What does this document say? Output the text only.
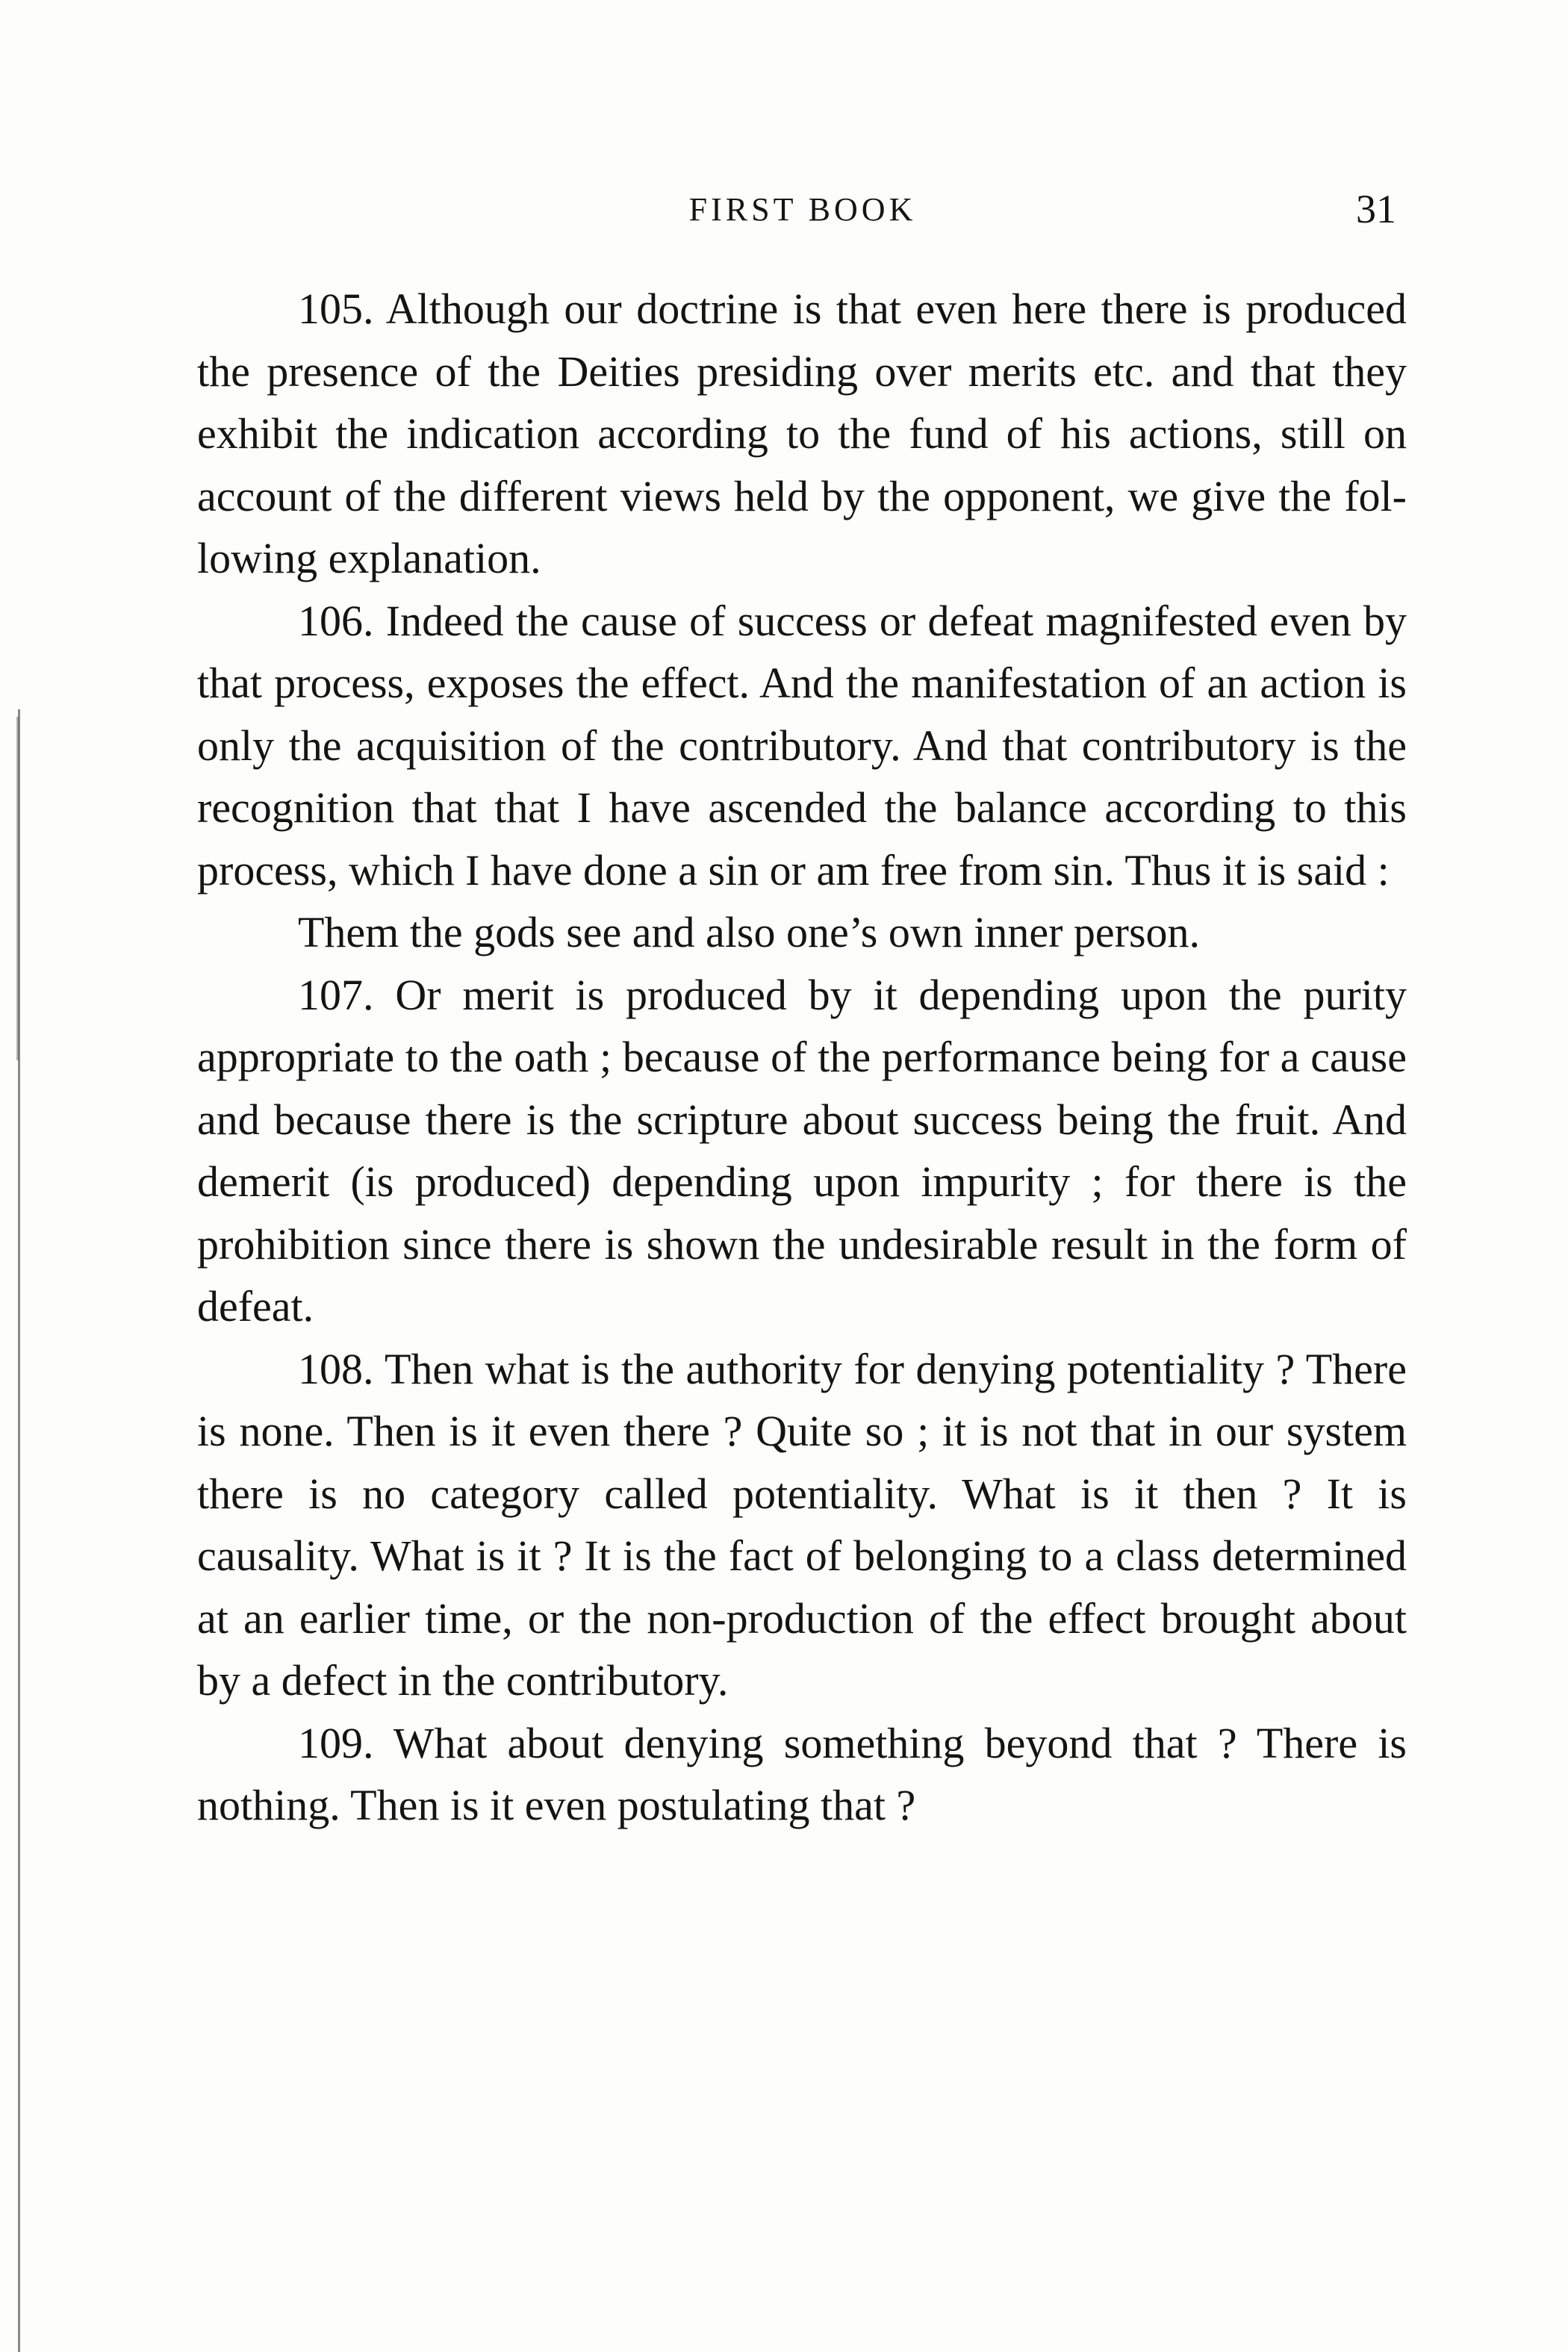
FIRST BOOK	31

105. Although our doctrine is that even here there is produced the presence of the Deities presiding over merits etc. and that they exhibit the indication according to the fund of his actions, still on account of the different views held by the opponent, we give the following explanation.

106. Indeed the cause of success or defeat magnifested even by that process, exposes the effect. And the manifestation of an action is only the acquisition of the contributory. And that contributory is the recognition that that I have ascended the balance according to this process, which I have done a sin or am free from sin. Thus it is said :

Them the gods see and also one’s own inner person.

107. Or merit is produced by it depending upon the purity appropriate to the oath ; because of the performance being for a cause and because there is the scripture about success being the fruit. And demerit (is produced) depending upon impurity ; for there is the prohibition since there is shown the undesirable result in the form of defeat.

108. Then what is the authority for denying potentiality ? There is none. Then is it even there ? Quite so ; it is not that in our system there is no category called potentiality. What is it then ? It is causality. What is it ? It is the fact of belonging to a class determined at an earlier time, or the non-production of the effect brought about by a defect in the contributory.

109. What about denying something beyond that ? There is nothing. Then is it even postulating that ?
